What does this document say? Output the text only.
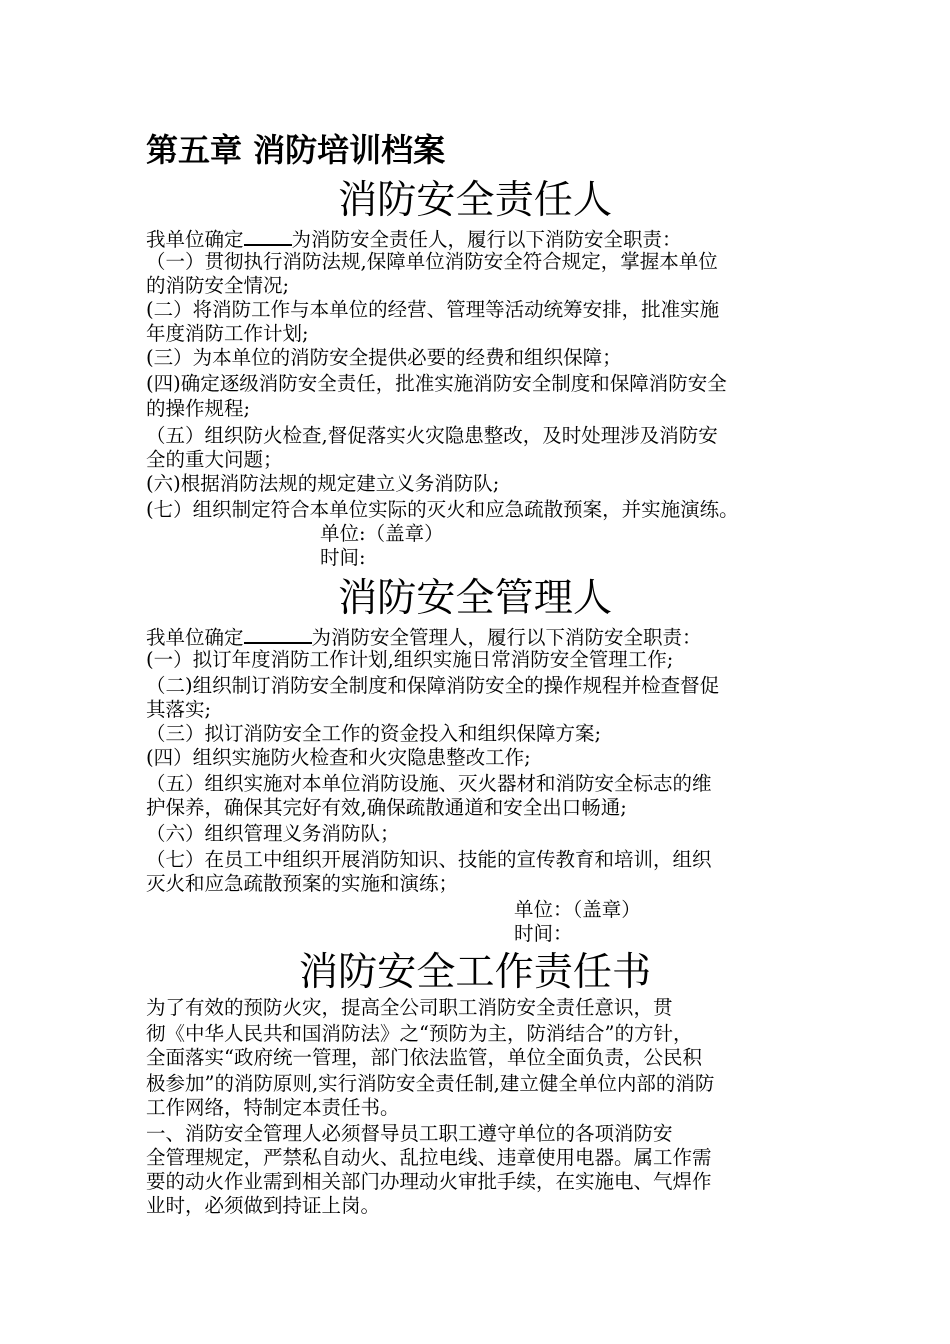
第五章 消防培训档案
消防安全责任人
我单位确定 为消防安全责任人，履行以下消防安全职责：
（一）贯彻执行消防法规,保障单位消防安全符合规定，掌握本单位
的消防安全情况;
(二）将消防工作与本单位的经营、管理等活动统筹安排，批准实施
年度消防工作计划;
(三）为本单位的消防安全提供必要的经费和组织保障；
(四)确定逐级消防安全责任，批准实施消防安全制度和保障消防安全
的操作规程;
（五）组织防火检查,督促落实火灾隐患整改，及时处理涉及消防安
全的重大问题；
(六)根据消防法规的规定建立义务消防队;
(七）组织制定符合本单位实际的灭火和应急疏散预案，并实施演练。
单位:（盖章）
时间:
消防安全管理人
我单位确定	为消防安全管理人，履行以下消防安全职责：
(一）拟订年度消防工作计划,组织实施日常消防安全管理工作;
（二)组织制订消防安全制度和保障消防安全的操作规程并检查督促
其落实;
（三）拟订消防安全工作的资金投入和组织保障方案;
(四）组织实施防火检查和火灾隐患整改工作;
（五）组织实施对本单位消防设施、灭火器材和消防安全标志的维
护保养，确保其完好有效,确保疏散通道和安全出口畅通;
（六）组织管理义务消防队；
（七）在员工中组织开展消防知识、技能的宣传教育和培训，组织
灭火和应急疏散预案的实施和演练；
单位：（盖章）
时间：
消防安全工作责任书
为了有效的预防火灾，提高全公司职工消防安全责任意识，贯
彻《中华人民共和国消防法》之“预防为主，防消结合”的方针，
全面落实“政府统一管理，部门依法监管，单位全面负责，公民积
极参加”的消防原则,实行消防安全责任制,建立健全单位内部的消防
工作网络，特制定本责任书。
一、消防安全管理人必须督导员工职工遵守单位的各项消防安
全管理规定，严禁私自动火、乱拉电线、违章使用电器。属工作需
要的动火作业需到相关部门办理动火审批手续，在实施电、气焊作
业时，必须做到持证上岗。
